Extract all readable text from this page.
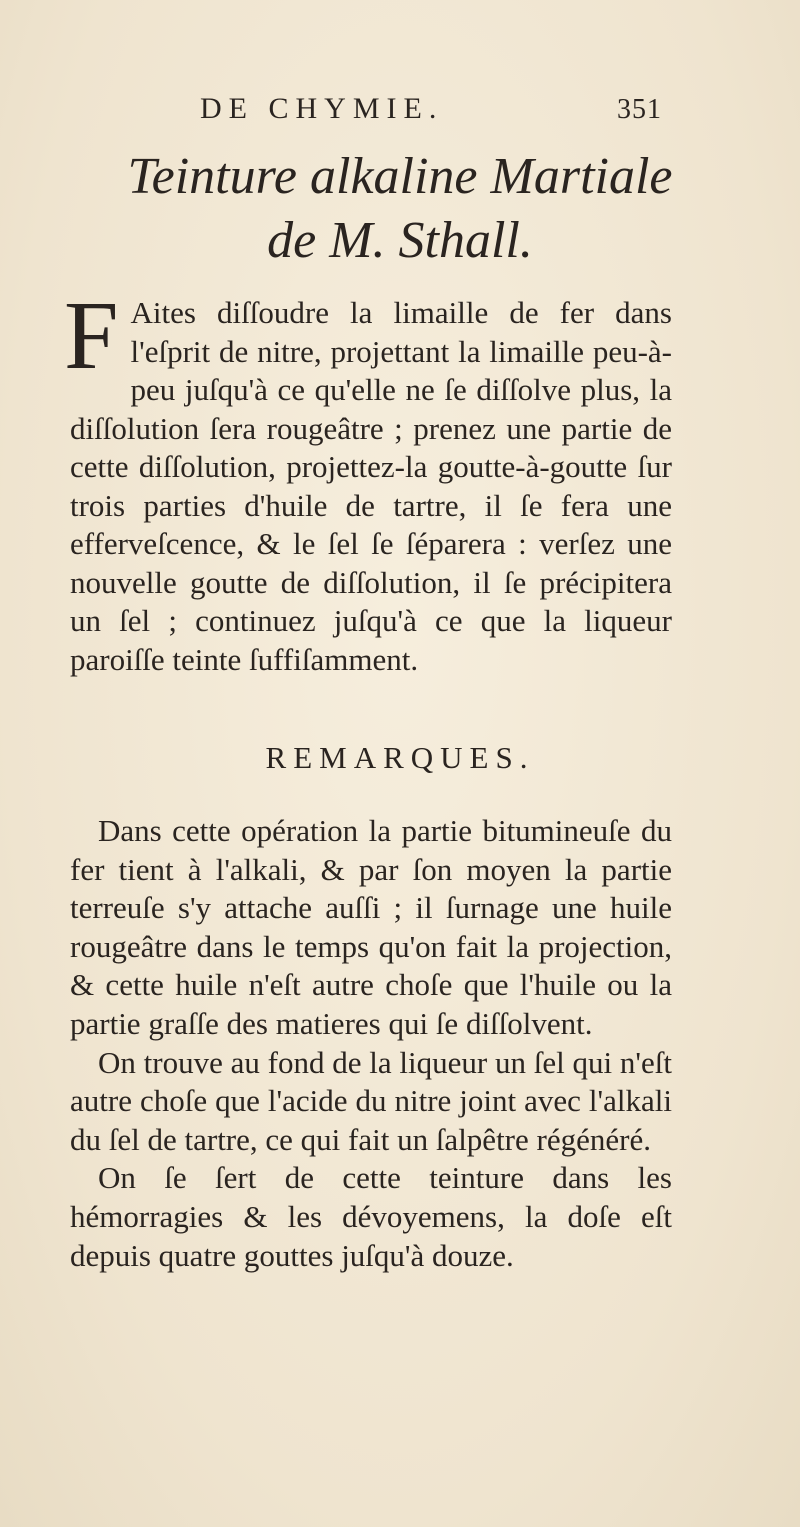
DE CHYMIE.	351
Teinture alkaline Martiale
de M. Sthall.
F Aites diſſoudre la limaille de fer dans l'eſprit de nitre, projettant la limaille peu-à-peu juſqu'à ce qu'elle ne ſe diſſolve plus, la diſſolution ſera rougeâtre ; prenez une partie de cette diſſolution, projettez-la goutte-à-goutte ſur trois parties d'huile de tartre, il ſe fera une efferveſcence, & le ſel ſe ſéparera : verſez une nouvelle goutte de diſſolution, il ſe précipitera un ſel ; continuez juſqu'à ce que la liqueur paroiſſe teinte ſuffiſamment.

REMARQUES.

Dans cette opération la partie bitumineuſe du fer tient à l'alkali, & par ſon moyen la partie terreuſe s'y attache auſſi ; il ſurnage une huile rougeâtre dans le temps qu'on fait la projection, & cette huile n'eſt autre choſe que l'huile ou la partie graſſe des matieres qui ſe diſſolvent.

On trouve au fond de la liqueur un ſel qui n'eſt autre choſe que l'acide du nitre joint avec l'alkali du ſel de tartre, ce qui fait un ſalpêtre régénéré.

On ſe ſert de cette teinture dans les hémorragies & les dévoyemens, la doſe eſt depuis quatre gouttes juſqu'à douze.
